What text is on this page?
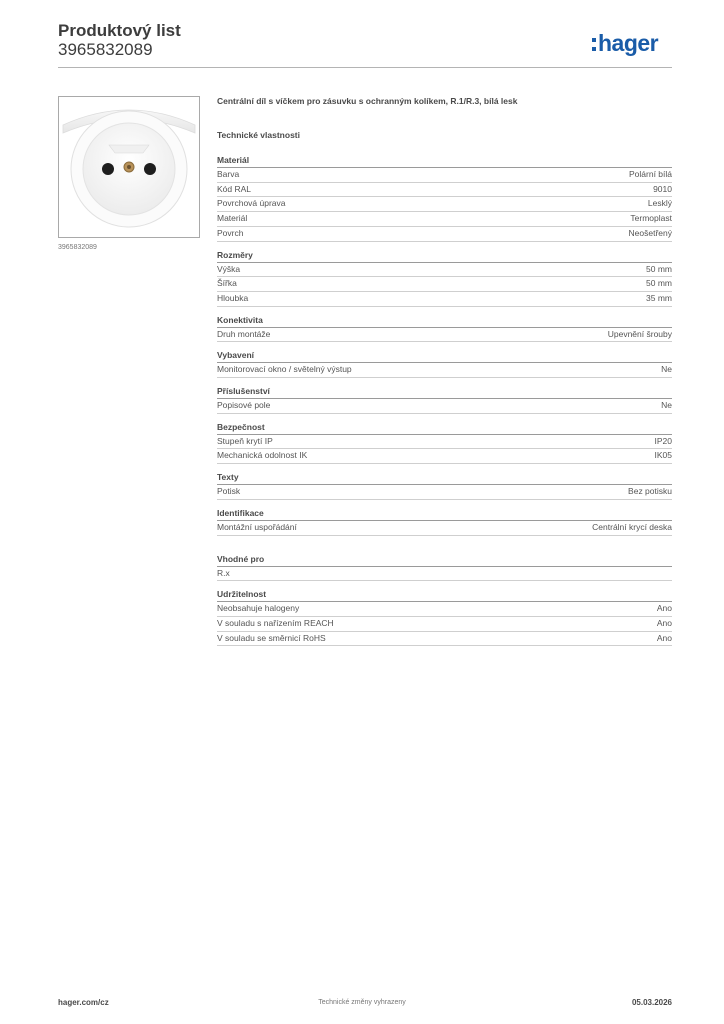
Produktový list
3965832089	hager
3965832089
Centrální díl s víčkem pro zásuvku s ochranným kolíkem, R.1/R.3, bílá lesk
Technické vlastnosti
Materiál
Barva	Polární bílá
Kód RAL	9010
Povrchová úprava	Lesklý
Materiál	Termoplast
Povrch	Neošetřený
Rozměry
Výška	50 mm
Šířka	50 mm
Hloubka	35 mm
Konektivita
Druh montáže	Upevnění šrouby
Vybavení
Monitorovací okno / světelný výstup	Ne
Příslušenství
Popisové pole	Ne
Bezpečnost
Stupeň krytí IP	IP20
Mechanická odolnost IK	IK05
Texty
Potisk	Bez potisku
Identifikace
Montážní uspořádání	Centrální krycí deska
Vhodné pro
R.x
Udržitelnost
Neobsahuje halogeny	Ano
V souladu s nařízením REACH	Ano
V souladu se směrnicí RoHS	Ano
hager.com/cz	Technické změny vyhrazeny	05.03.2026
